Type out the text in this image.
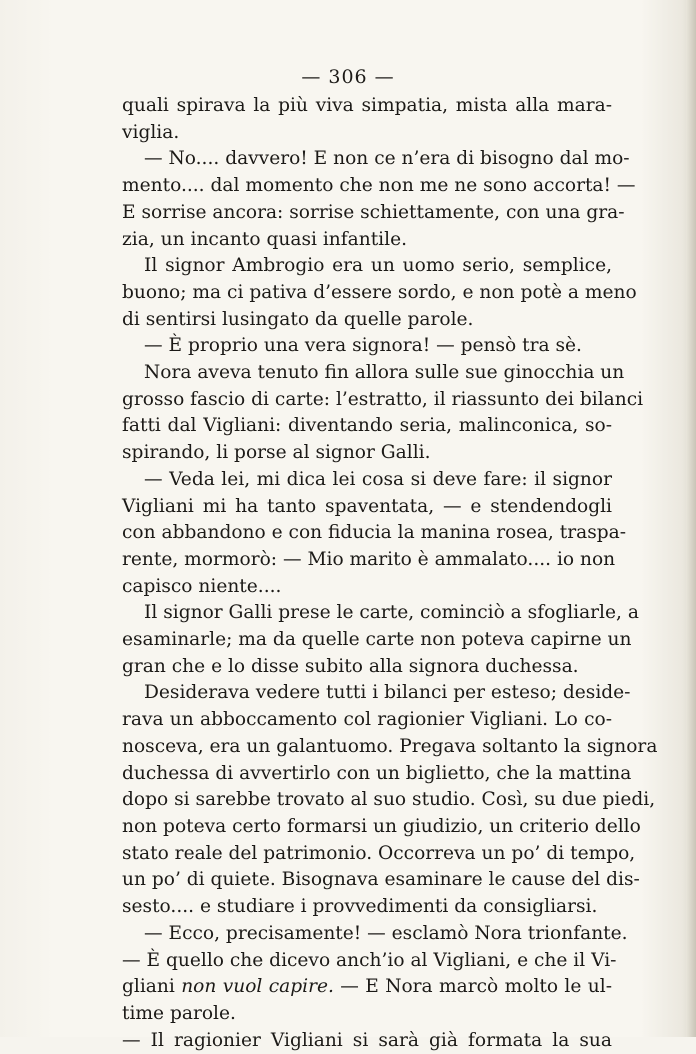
— 306 —
quali spirava la più viva simpatia, mista alla mara-
viglia.
— No.... davvero! E non ce n’era di bisogno dal mo-
mento.... dal momento che non me ne sono accorta! —
E sorrise ancora: sorrise schiettamente, con una gra-
zia, un incanto quasi infantile.
Il signor Ambrogio era un uomo serio, semplice,
buono; ma ci pativa d’essere sordo, e non potè a meno
di sentirsi lusingato da quelle parole.
— È proprio una vera signora! — pensò tra sè.
Nora aveva tenuto fin allora sulle sue ginocchia un
grosso fascio di carte: l’estratto, il riassunto dei bilanci
fatti dal Vigliani: diventando seria, malinconica, so-
spirando, li porse al signor Galli.
— Veda lei, mi dica lei cosa si deve fare: il signor
Vigliani mi ha tanto spaventata, — e stendendogli
con abbandono e con fiducia la manina rosea, traspa-
rente, mormorò: — Mio marito è ammalato.... io non
capisco niente....
Il signor Galli prese le carte, cominciò a sfogliarle, a
esaminarle; ma da quelle carte non poteva capirne un
gran che e lo disse subito alla signora duchessa.
Desiderava vedere tutti i bilanci per esteso; deside-
rava un abboccamento col ragionier Vigliani. Lo co-
nosceva, era un galantuomo. Pregava soltanto la signora
duchessa di avvertirlo con un biglietto, che la mattina
dopo si sarebbe trovato al suo studio. Così, su due piedi,
non poteva certo formarsi un giudizio, un criterio dello
stato reale del patrimonio. Occorreva un po’ di tempo,
un po’ di quiete. Bisognava esaminare le cause del dis-
sesto.... e studiare i provvedimenti da consigliarsi.
— Ecco, precisamente! — esclamò Nora trionfante.
— È quello che dicevo anch’io al Vigliani, e che il Vi-
gliani non vuol capire. — E Nora marcò molto le ul-
time parole.
— Il ragionier Vigliani si sarà già formata la sua
